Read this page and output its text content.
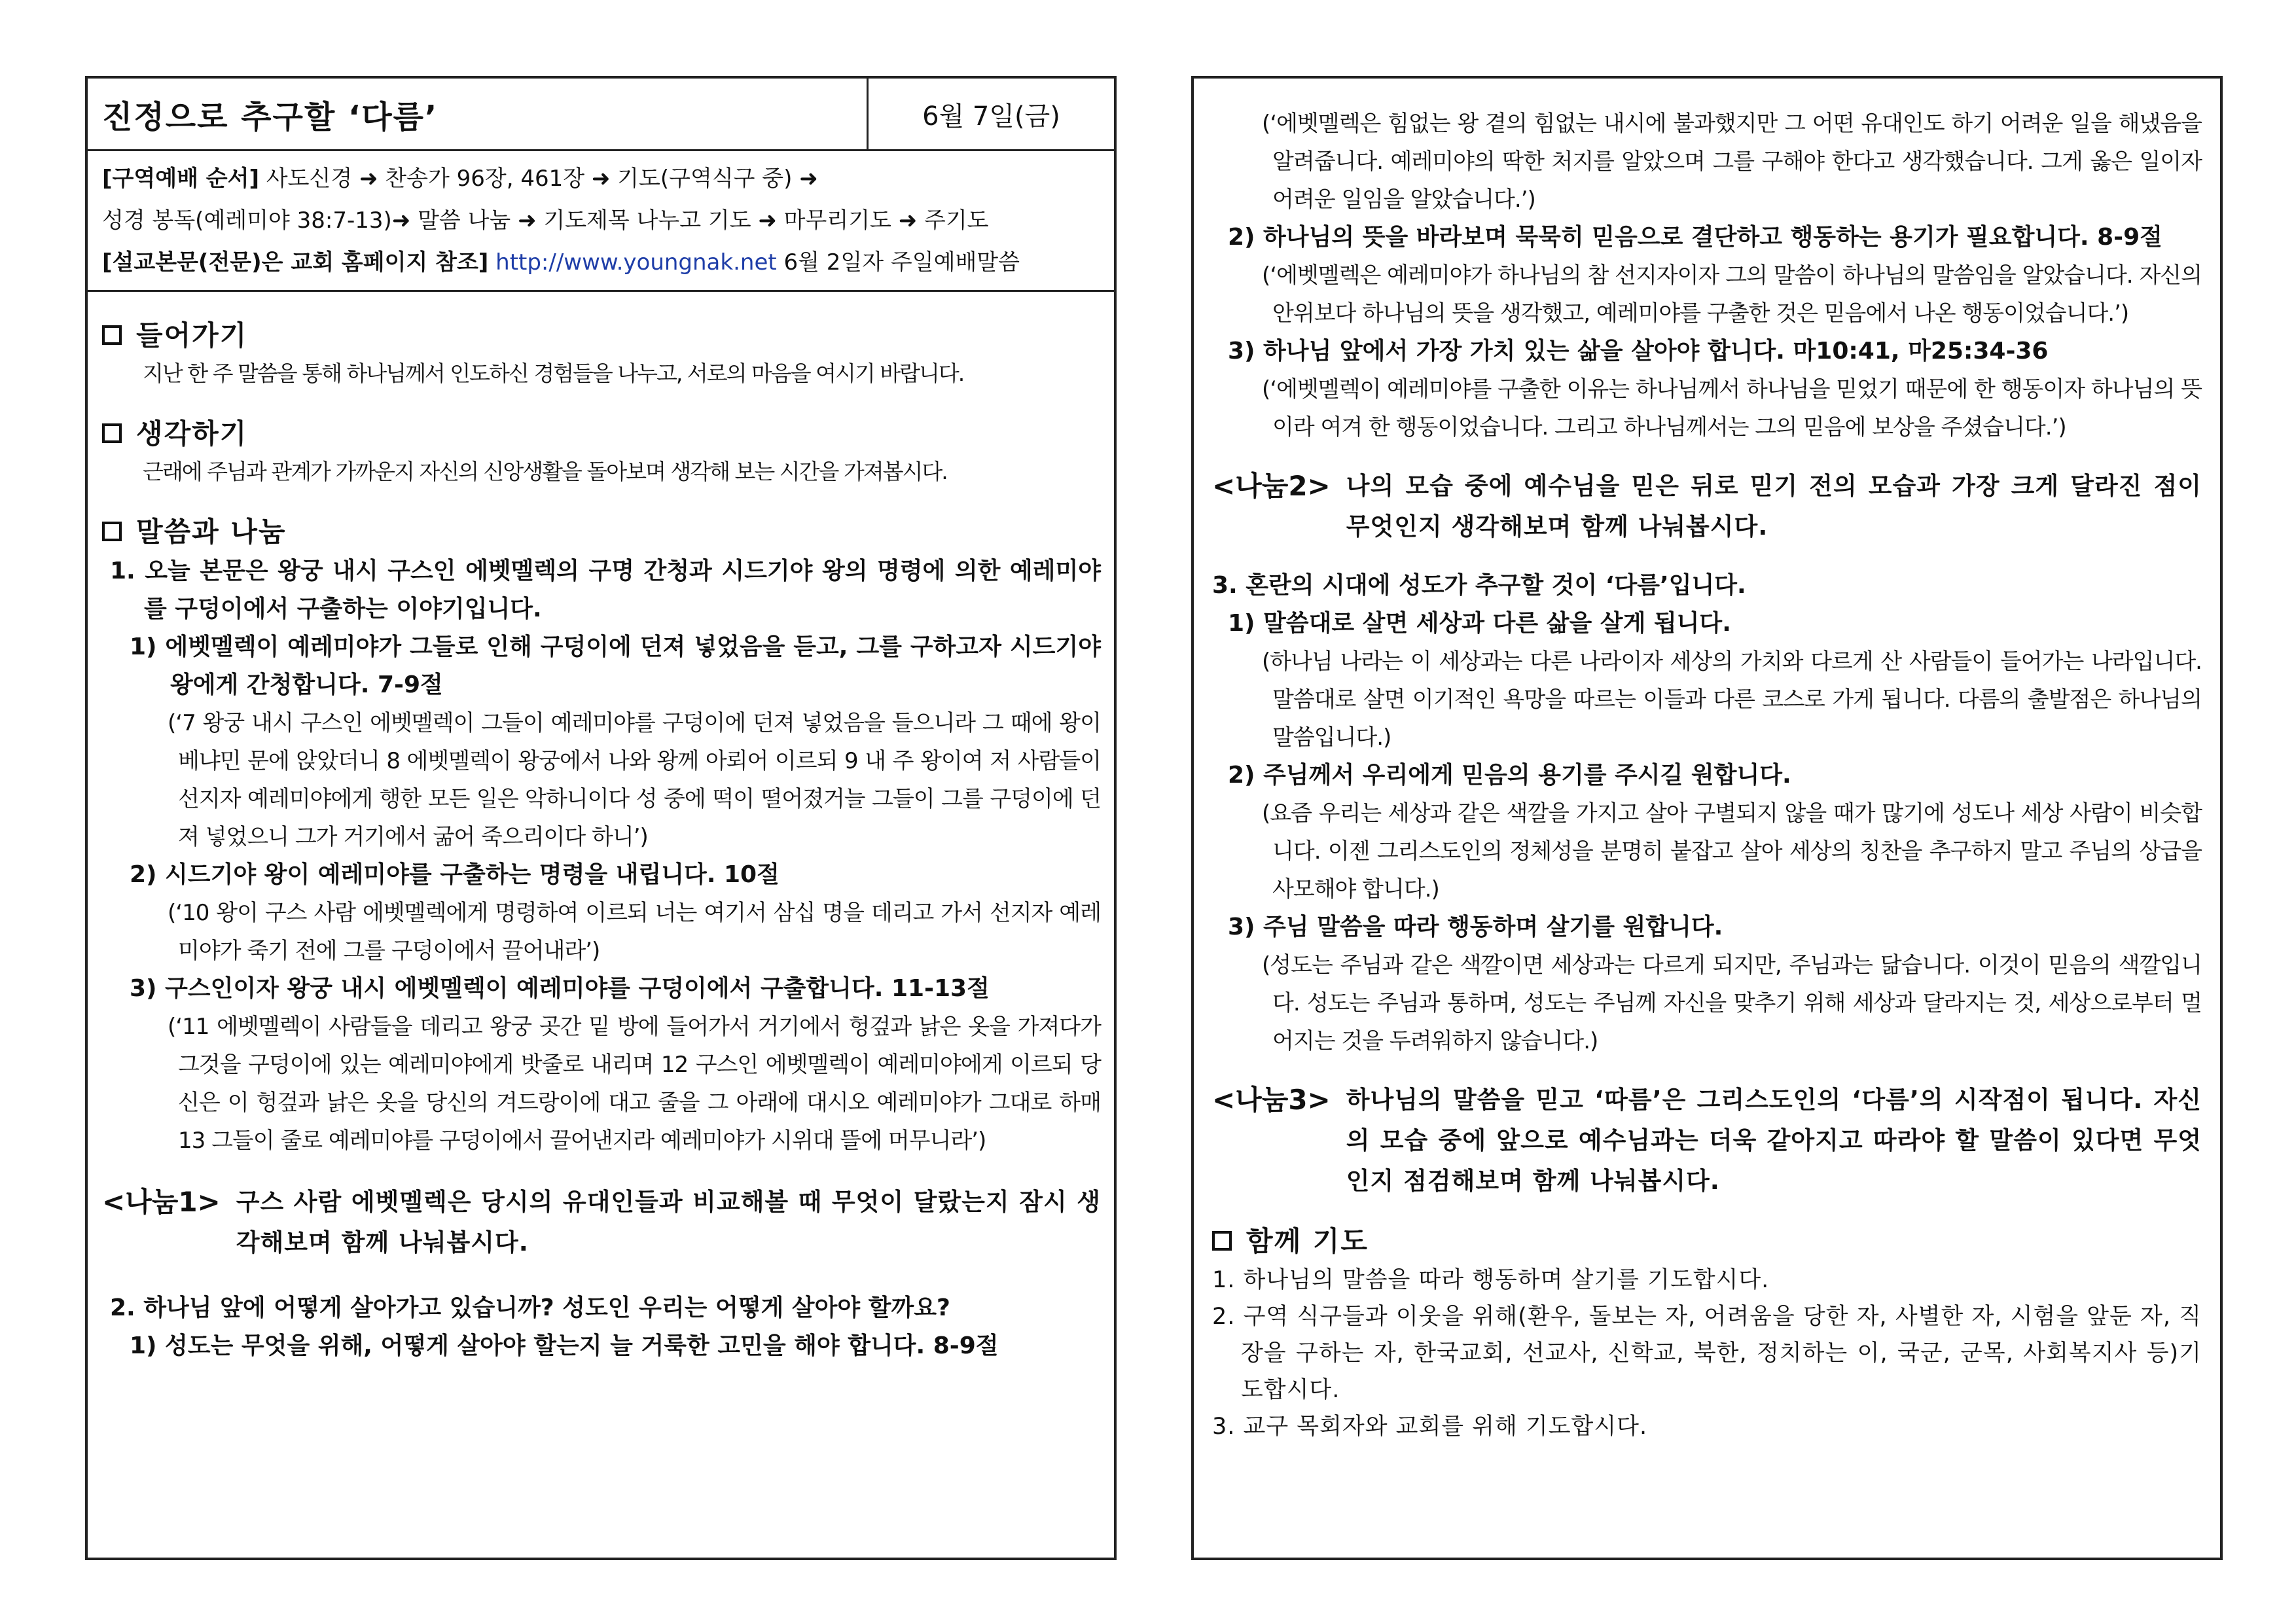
진정으로 추구할 ‘다름’	6월 7일(금)
[구역예배 순서] 사도신경 ➜ 찬송가 96장, 461장 ➜ 기도(구역식구 중) ➜
성경 봉독(예레미야 38:7-13)➜ 말씀 나눔 ➜ 기도제목 나누고 기도 ➜ 마무리기도 ➜ 주기도
[설교본문(전문)은 교회 홈페이지 참조] http://www.youngnak.net 6월 2일자 주일예배말씀
들어가기
지난 한 주 말씀을 통해 하나님께서 인도하신 경험들을 나누고, 서로의 마음을 여시기 바랍니다.
생각하기
근래에 주님과 관계가 가까운지 자신의 신앙생활을 돌아보며 생각해 보는 시간을 가져봅시다.
말씀과 나눔

1. 오늘 본문은 왕궁 내시 구스인 에벳멜렉의 구명 간청과 시드기야 왕의 명령에 의한 예레미야를 구덩이에서 구출하는 이야기입니다.

1) 에벳멜렉이 예레미야가 그들로 인해 구덩이에 던져 넣었음을 듣고, 그를 구하고자 시드기야 왕에게 간청합니다. 7-9절

(‘7 왕궁 내시 구스인 에벳멜렉이 그들이 예레미야를 구덩이에 던져 넣었음을 들으니라 그 때에 왕이 베냐민 문에 앉았더니 8 에벳멜렉이 왕궁에서 나와 왕께 아뢰어 이르되 9 내 주 왕이여 저 사람들이 선지자 예레미야에게 행한 모든 일은 악하니이다 성 중에 떡이 떨어졌거늘 그들이 그를 구덩이에 던져 넣었으니 그가 거기에서 굶어 죽으리이다 하니’)

2) 시드기야 왕이 예레미야를 구출하는 명령을 내립니다. 10절

(‘10 왕이 구스 사람 에벳멜렉에게 명령하여 이르되 너는 여기서 삼십 명을 데리고 가서 선지자 예레미야가 죽기 전에 그를 구덩이에서 끌어내라’)

3) 구스인이자 왕궁 내시 에벳멜렉이 예레미야를 구덩이에서 구출합니다. 11-13절

(‘11 에벳멜렉이 사람들을 데리고 왕궁 곳간 밑 방에 들어가서 거기에서 헝겊과 낡은 옷을 가져다가 그것을 구덩이에 있는 예레미야에게 밧줄로 내리며 12 구스인 에벳멜렉이 예레미야에게 이르되 당신은 이 헝겊과 낡은 옷을 당신의 겨드랑이에 대고 줄을 그 아래에 대시오 예레미야가 그대로 하매 13 그들이 줄로 예레미야를 구덩이에서 끌어낸지라 예레미야가 시위대 뜰에 머무니라’)

<나눔1> 구스 사람 에벳멜렉은 당시의 유대인들과 비교해볼 때 무엇이 달랐는지 잠시 생각해보며 함께 나눠봅시다.

2. 하나님 앞에 어떻게 살아가고 있습니까? 성도인 우리는 어떻게 살아야 할까요?

1) 성도는 무엇을 위해, 어떻게 살아야 할는지 늘 거룩한 고민을 해야 합니다. 8-9절

(‘에벳멜렉은 힘없는 왕 곁의 힘없는 내시에 불과했지만 그 어떤 유대인도 하기 어려운 일을 해냈음을 알려줍니다. 예레미야의 딱한 처지를 알았으며 그를 구해야 한다고 생각했습니다. 그게 옳은 일이자 어려운 일임을 알았습니다.’)

2) 하나님의 뜻을 바라보며 묵묵히 믿음으로 결단하고 행동하는 용기가 필요합니다. 8-9절

(‘에벳멜렉은 예레미야가 하나님의 참 선지자이자 그의 말씀이 하나님의 말씀임을 알았습니다. 자신의 안위보다 하나님의 뜻을 생각했고, 예레미야를 구출한 것은 믿음에서 나온 행동이었습니다.’)

3) 하나님 앞에서 가장 가치 있는 삶을 살아야 합니다. 마10:41, 마25:34-36

(‘에벳멜렉이 예레미야를 구출한 이유는 하나님께서 하나님을 믿었기 때문에 한 행동이자 하나님의 뜻이라 여겨 한 행동이었습니다. 그리고 하나님께서는 그의 믿음에 보상을 주셨습니다.’)

<나눔2> 나의 모습 중에 예수님을 믿은 뒤로 믿기 전의 모습과 가장 크게 달라진 점이 무엇인지 생각해보며 함께 나눠봅시다.

3. 혼란의 시대에 성도가 추구할 것이 ‘다름’입니다.

1) 말씀대로 살면 세상과 다른 삶을 살게 됩니다.

(하나님 나라는 이 세상과는 다른 나라이자 세상의 가치와 다르게 산 사람들이 들어가는 나라입니다. 말씀대로 살면 이기적인 욕망을 따르는 이들과 다른 코스로 가게 됩니다. 다름의 출발점은 하나님의 말씀입니다.)

2) 주님께서 우리에게 믿음의 용기를 주시길 원합니다.

(요즘 우리는 세상과 같은 색깔을 가지고 살아 구별되지 않을 때가 많기에 성도나 세상 사람이 비슷합니다. 이젠 그리스도인의 정체성을 분명히 붙잡고 살아 세상의 칭찬을 추구하지 말고 주님의 상급을 사모해야 합니다.)

3) 주님 말씀을 따라 행동하며 살기를 원합니다.

(성도는 주님과 같은 색깔이면 세상과는 다르게 되지만, 주님과는 닮습니다. 이것이 믿음의 색깔입니다. 성도는 주님과 통하며, 성도는 주님께 자신을 맞추기 위해 세상과 달라지는 것, 세상으로부터 멀어지는 것을 두려워하지 않습니다.)

<나눔3> 하나님의 말씀을 믿고 ‘따름’은 그리스도인의 ‘다름’의 시작점이 됩니다. 자신의 모습 중에 앞으로 예수님과는 더욱 같아지고 따라야 할 말씀이 있다면 무엇인지 점검해보며 함께 나눠봅시다.
함께 기도

1. 하나님의 말씀을 따라 행동하며 살기를 기도합시다.

2. 구역 식구들과 이웃을 위해(환우, 돌보는 자, 어려움을 당한 자, 사별한 자, 시험을 앞둔 자, 직장을 구하는 자, 한국교회, 선교사, 신학교, 북한, 정치하는 이, 국군, 군목, 사회복지사 등)기도합시다.

3. 교구 목회자와 교회를 위해 기도합시다.
